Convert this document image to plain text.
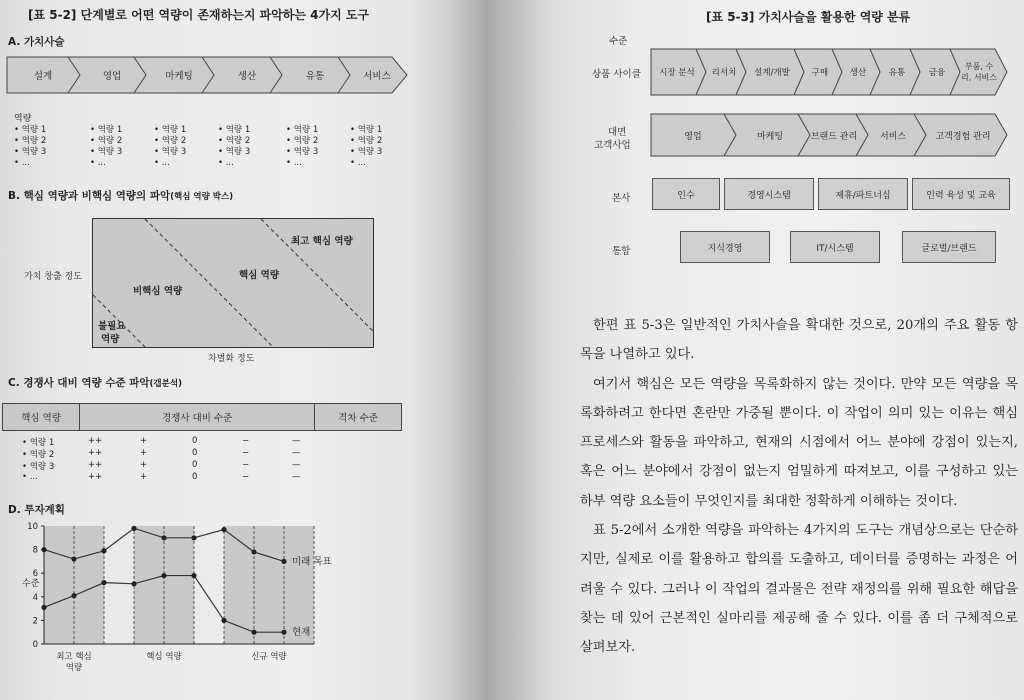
[표 5-2] 단계별로 어떤 역량이 존재하는지 파악하는 4가지 도구
A. 가치사슬
설계	영업	마케팅	생산	유통	서비스
역량
• 역량 1
• 역량 2
• 역량 3
• ...
• 역량 1
• 역량 2
• 역량 3
• ...
• 역량 1
• 역량 2
• 역량 3
• ...
• 역량 1
• 역량 2
• 역량 3
• ...
• 역량 1
• 역량 2
• 역량 3
• ...
• 역량 1
• 역량 2
• 역량 3
• ...
B. 핵심 역량과 비핵심 역량의 파악(핵심 역량 박스)
가치 창출 정도
최고 핵심 역량
핵심 역량
비핵심 역량
불필요
역량
차별화 정도
C. 경쟁사 대비 역량 수준 파악(갭분석)
핵심 역량	경쟁사 대비 수준	격차 수준
• 역량 1	++	+	0	−	—
• 역량 2	++	+	0	−	—
• 역량 3	++	+	0	−	—
• ...	++	+	0	−	—
D. 투자계획
수준
0
2
4
6
8
10
미래 목표
현재
최고 핵심
역량
핵심 역량	신규 역량
[표 5-3] 가치사슬을 활용한 역량 분류
수준
상품 사이클	시장 분석	리서치	설계/개발	구매	생산	유통	금융
부품, 수리, 서비스
대면
고객사업
영업	마케팅	브랜드 관리	서비스	고객경험 관리
본사	인수	경영시스템	제휴/파트너십	인력 육성 및 교육
통합	지식경영	IT/시스템	글로벌/브랜드

한편 표 5-3은 일반적인 가치사슬을 확대한 것으로, 20개의 주요 활동 항목을 나열하고 있다.

여기서 핵심은 모든 역량을 목록화하지 않는 것이다. 만약 모든 역량을 목록화하려고 한다면 혼란만 가중될 뿐이다. 이 작업이 의미 있는 이유는 핵심 프로세스와 활동을 파악하고, 현재의 시점에서 어느 분야에 강점이 있는지, 혹은 어느 분야에서 강점이 없는지 엄밀하게 따져보고, 이를 구성하고 있는 하부 역량 요소들이 무엇인지를 최대한 정확하게 이해하는 것이다.

표 5-2에서 소개한 역량을 파악하는 4가지의 도구는 개념상으로는 단순하지만, 실제로 이를 활용하고 합의를 도출하고, 데이터를 증명하는 과정은 어려울 수 있다. 그러나 이 작업의 결과물은 전략 재정의를 위해 필요한 해답을 찾는 데 있어 근본적인 실마리를 제공해 줄 수 있다. 이를 좀 더 구체적으로 살펴보자.
